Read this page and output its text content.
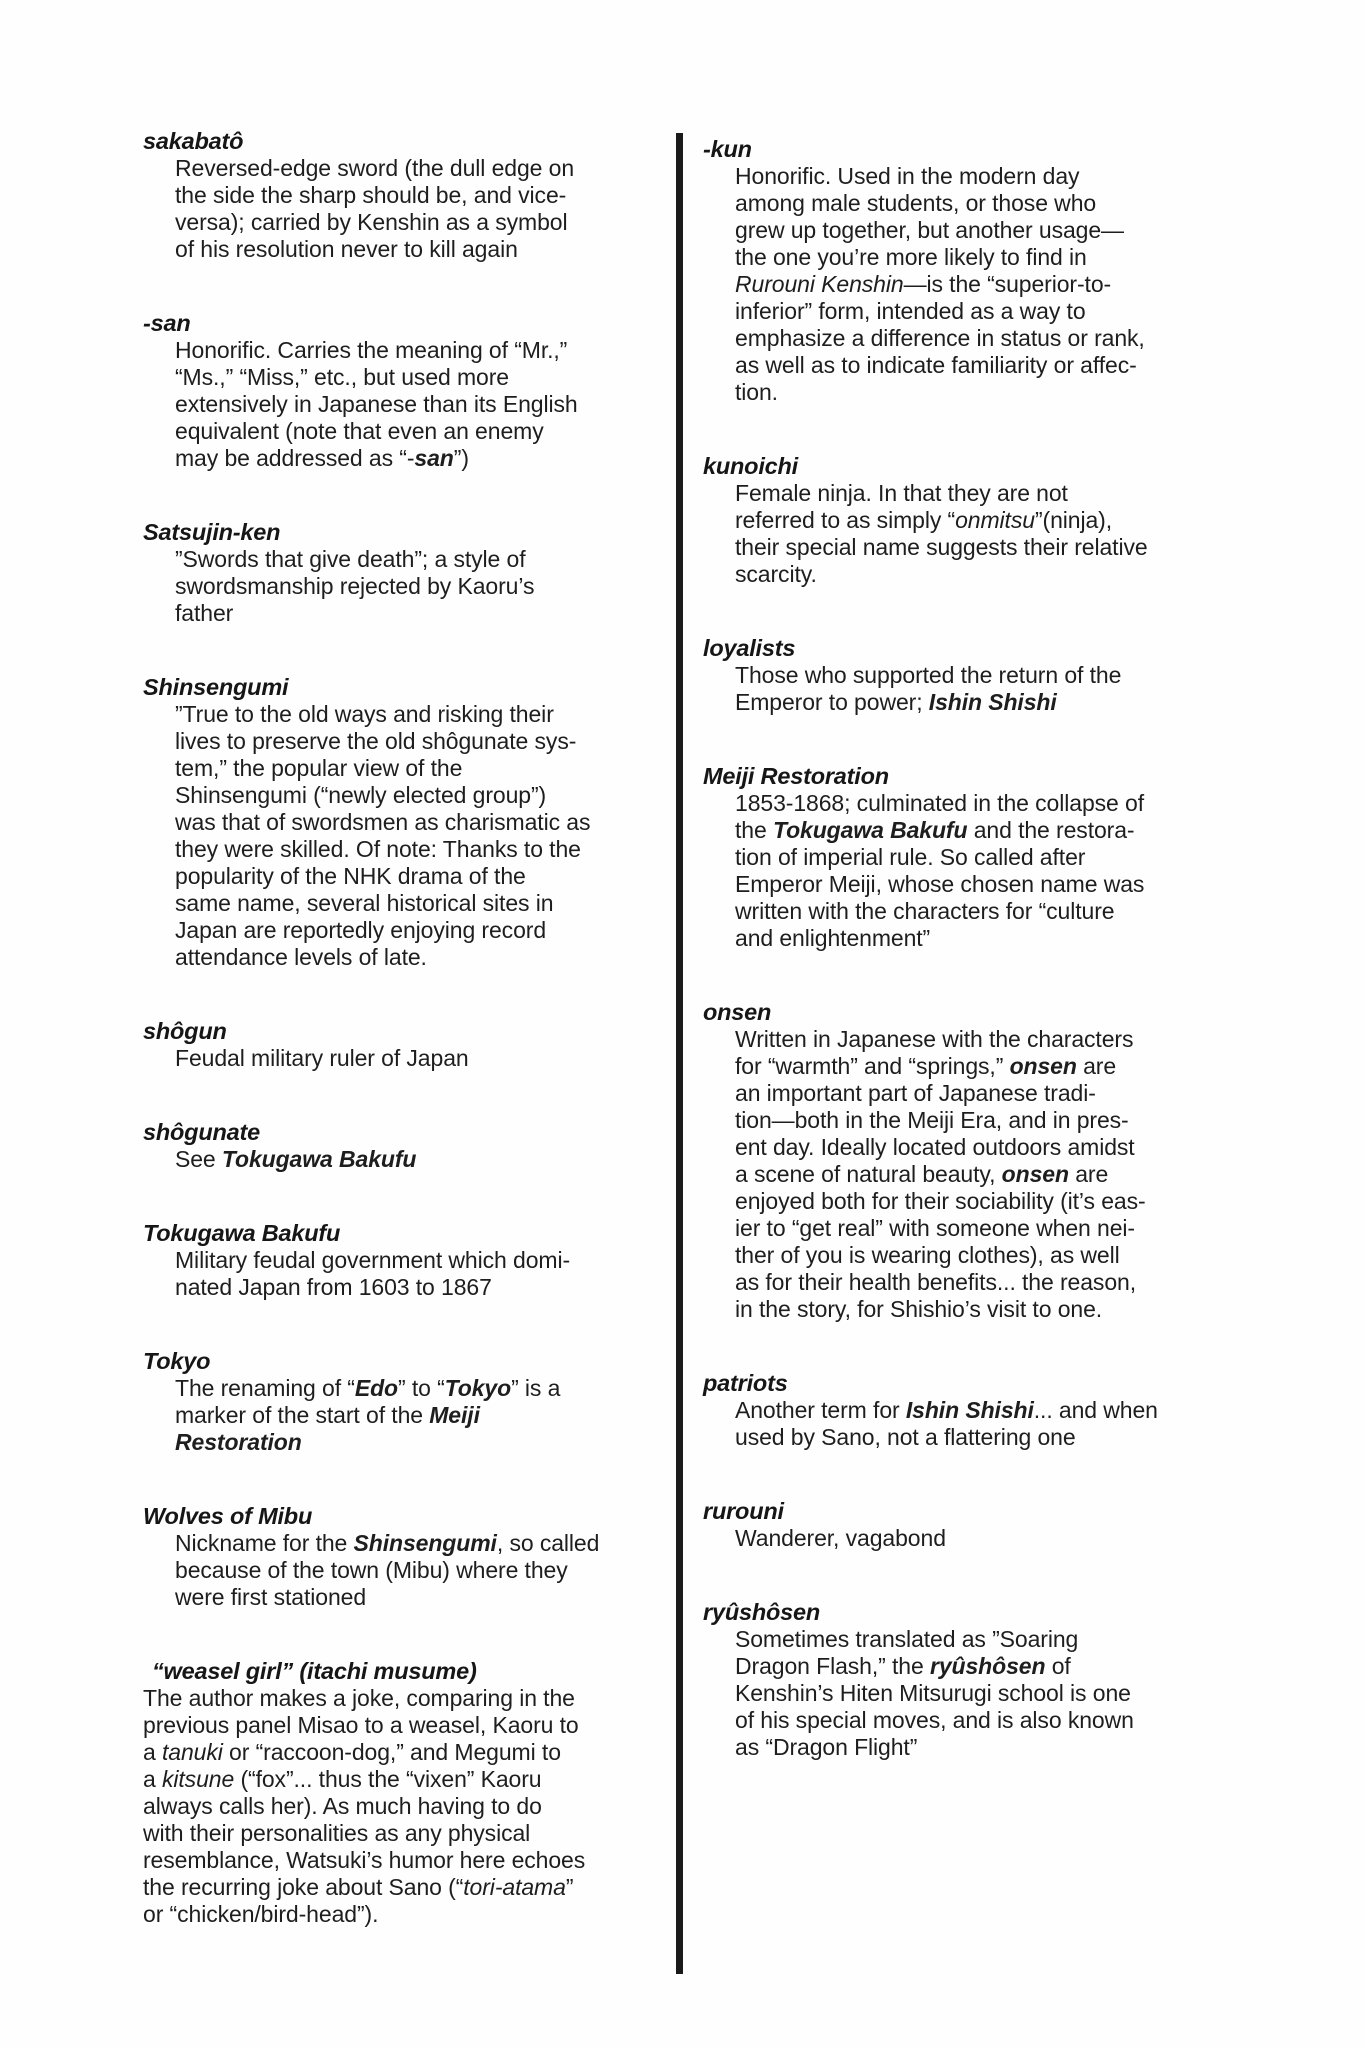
sakabatô

Reversed-edge sword (the dull edge on
the side the sharp should be, and vice-
versa); carried by Kenshin as a symbol
of his resolution never to kill again

-san

Honorific. Carries the meaning of “Mr.,”
“Ms.,” “Miss,” etc., but used more
extensively in Japanese than its English
equivalent (note that even an enemy
may be addressed as “-san”)

Satsujin-ken

”Swords that give death”; a style of
swordsmanship rejected by Kaoru’s
father

Shinsengumi

”True to the old ways and risking their
lives to preserve the old shôgunate sys-
tem,” the popular view of the
Shinsengumi (“newly elected group”)
was that of swordsmen as charismatic as
they were skilled. Of note: Thanks to the
popularity of the NHK drama of the
same name, several historical sites in
Japan are reportedly enjoying record
attendance levels of late.

shôgun

Feudal military ruler of Japan

shôgunate

See Tokugawa Bakufu

Tokugawa Bakufu

Military feudal government which domi-
nated Japan from 1603 to 1867

Tokyo

The renaming of “Edo” to “Tokyo” is a
marker of the start of the Meiji
Restoration

Wolves of Mibu

Nickname for the Shinsengumi, so called
because of the town (Mibu) where they
were first stationed

“weasel girl” (itachi musume)

The author makes a joke, comparing in the
previous panel Misao to a weasel, Kaoru to
a tanuki or “raccoon-dog,” and Megumi to
a kitsune (“fox”... thus the “vixen” Kaoru
always calls her). As much having to do
with their personalities as any physical
resemblance, Watsuki’s humor here echoes
the recurring joke about Sano (“tori-atama”
or “chicken/bird-head”).

-kun

Honorific. Used in the modern day
among male students, or those who
grew up together, but another usage—
the one you’re more likely to find in
Rurouni Kenshin—is the “superior-to-
inferior” form, intended as a way to
emphasize a difference in status or rank,
as well as to indicate familiarity or affec-
tion.

kunoichi

Female ninja. In that they are not
referred to as simply “onmitsu”(ninja),
their special name suggests their relative
scarcity.

loyalists

Those who supported the return of the
Emperor to power; Ishin Shishi

Meiji Restoration

1853-1868; culminated in the collapse of
the Tokugawa Bakufu and the restora-
tion of imperial rule. So called after
Emperor Meiji, whose chosen name was
written with the characters for “culture
and enlightenment”

onsen

Written in Japanese with the characters
for “warmth” and “springs,” onsen are
an important part of Japanese tradi-
tion—both in the Meiji Era, and in pres-
ent day. Ideally located outdoors amidst
a scene of natural beauty, onsen are
enjoyed both for their sociability (it’s eas-
ier to “get real” with someone when nei-
ther of you is wearing clothes), as well
as for their health benefits... the reason,
in the story, for Shishio’s visit to one.

patriots

Another term for Ishin Shishi... and when
used by Sano, not a flattering one

rurouni

Wanderer, vagabond

ryûshôsen

Sometimes translated as ”Soaring
Dragon Flash,” the ryûshôsen of
Kenshin’s Hiten Mitsurugi school is one
of his special moves, and is also known
as “Dragon Flight”
